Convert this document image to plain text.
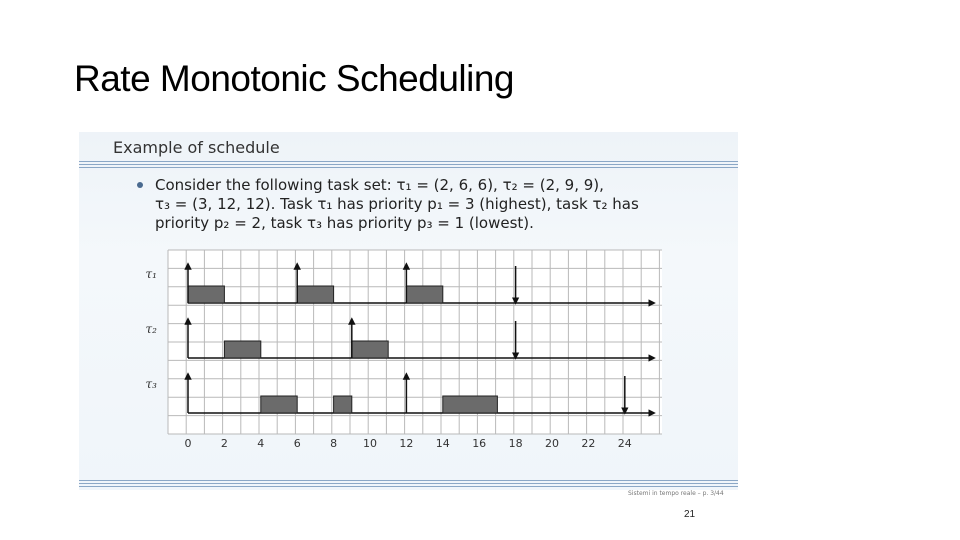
Rate Monotonic Scheduling
Example of schedule
Consider the following task set: τ₁ = (2, 6, 6), τ₂ = (2, 9, 9),
τ₃ = (3, 12, 12). Task τ₁ has priority p₁ = 3 (highest), task τ₂ has
priority p₂ = 2, task τ₃ has priority p₃ = 1 (lowest).
τ₁
τ₂
τ₃
0	2	4	6	8 10 12 14 16 18 20 22 24
Sistemi in tempo reale – p. 3/44
21
